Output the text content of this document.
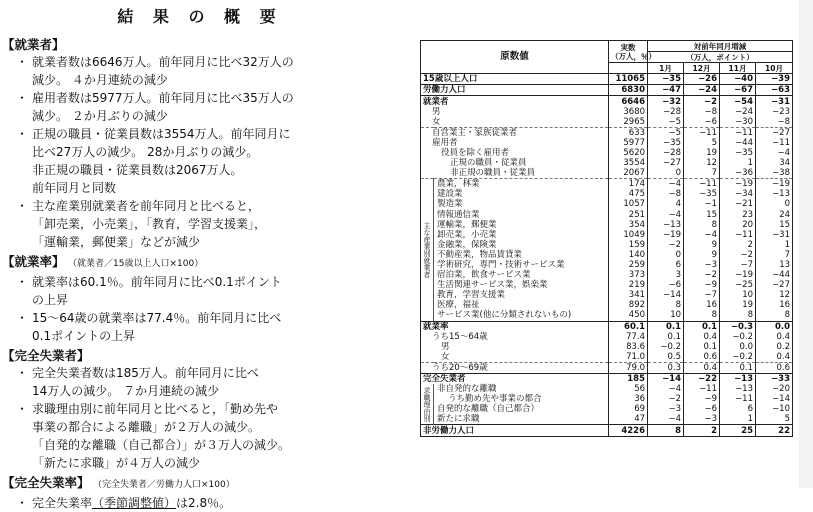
結 果 の 概 要
【就業者】
・ 就業者数は6646万人。前年同月に比べ32万人の
減少。 ４か月連続の減少
・ 雇用者数は5977万人。前年同月に比べ35万人の
減少。 ２か月ぶりの減少
・ 正規の職員・従業員数は3554万人。前年同月に
比べ27万人の減少。 28か月ぶりの減少。
非正規の職員・従業員数は2067万人。
前年同月と同数
・ 主な産業別就業者を前年同月と比べると，
「卸売業，小売業」，「教育，学習支援業」，
「運輸業，郵便業」などが減少
【就業率】 （就業者／15歳以上人口×100）
・ 就業率は60.1％。前年同月に比べ0.1ポイント
の上昇
・ 15～64歳の就業率は77.4％。前年同月に比べ
0.1ポイントの上昇
【完全失業者】
・ 完全失業者数は185万人。前年同月に比べ
14万人の減少。 ７か月連続の減少
・ 求職理由別に前年同月と比べると，「勤め先や
事業の都合による離職」が２万人の減少。
「自発的な離職（自己都合）」が３万人の減少。
「新たに求職」が４万人の減少
【完全失業率】 （完全失業者／労働力人口×100）
・ 完全失業率（季節調整値）は2.8％。
原数値		実数
（万人，％）	対前年同月増減			
			（万人，ポイント）			
			1月	12月	11月	10月
15歳以上人口		11065	−35	−26	−40	−39
労働力人口		6830	−47	−24	−67	−63
就業者		6646	−32	−2	−54	−31
男		3680	−28	−8	−24	−23
女		2965	−5	−6	−30	−8
自営業主・家族従業者		633	−5	−11	−11	−27
雇用者		5977	−35	5	−44	−11
役員を除く雇用者		5620	−28	19	−35	−4
正規の職員・従業員		3554	−27	12	1	34
非正規の職員・従業員		2067	0	7	−36	−38
主な産業別就業者	農業，林業	174	−4	−11	−19	−19
	建設業	475	−8	−35	−34	−13
	製造業	1057	4	−1	−21	0
	情報通信業	251	−4	15	23	24
	運輸業，郵便業	354	−13	8	20	15
	卸売業，小売業	1049	−19	−4	−11	−31
	金融業，保険業	159	−2	9	2	1
	不動産業，物品賃貸業	140	0	9	−2	7
	学術研究，専門・技術サービス業	259	6	−3	−7	13
	宿泊業，飲食サービス業	373	3	−2	−19	−44
	生活関連サービス業，娯楽業	219	−6	−9	−25	−27
	教育，学習支援業	341	−14	−7	10	12
	医療，福祉	892	8	16	19	16
	サービス業(他に分類されないもの)	450	10	8	8	8
就業率		60.1	0.1	0.1	−0.3	0.0
うち15～64歳		77.4	0.1	0.4	−0.2	0.4
男		83.6	−0.2	0.1	0.0	0.2
女		71.0	0.5	0.6	−0.2	0.4
うち20～69歳		79.0	0.3	0.4	0.1	0.6
完全失業者		185	−14	−22	−13	−33
求職理由別	非自発的な離職	56	−4	−11	−13	−20
	うち勤め先や事業の都合	36	−2	−9	−11	−14
	自発的な離職（自己都合）	69	−3	−6	6	−10
	新たに求職	47	−4	−3	1	5
非労働力人口		4226	8	2	25	22
